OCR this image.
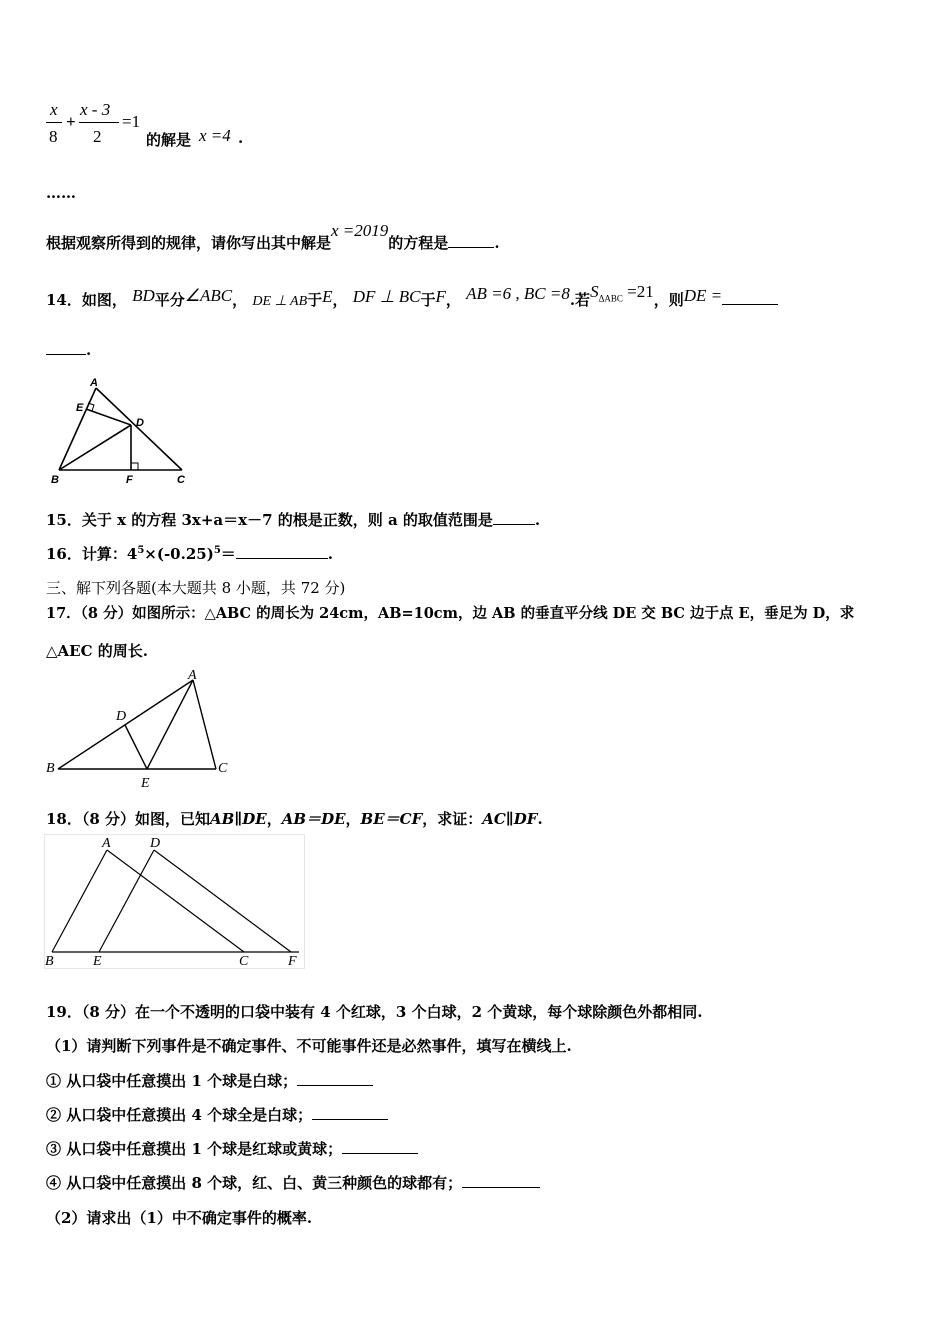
x
8
+
x - 3
2
=1
的解是 x =4 .
……
根据观察所得到的规律，请你写出其中解是x =2019的方程是	.
14．如图， BD平分∠ABC， DE ⊥ AB于E， DF ⊥ BC于F， AB =6 , BC =8.若$S_{\Delta ABC} =21$，则DE =
.
A
E
D
B	F	C
15．关于 x 的方程 3x+a＝x－7 的根是正数，则 a 的取值范围是	.
16．计算：$4^5\times(-0.25)^5=$	.
三、解下列各题(本大题共 8 小题，共 72 分)
17．（8 分）如图所示：△ABC 的周长为 24cm，AB=10cm，边 AB 的垂直平分线 DE 交 BC 边于点 E，垂足为 D，求
△AEC 的周长.
A
D
B
E
C
18．（8 分）如图，已知AB∥DE，AB＝DE，BE＝CF，求证：AC∥DF.
A	D
B	E	C	F
19．（8 分）在一个不透明的口袋中装有 4 个红球，3 个白球，2 个黄球，每个球除颜色外都相同.
（1）请判断下列事件是不确定事件、不可能事件还是必然事件，填写在横线上.
① 从口袋中任意摸出 1 个球是白球；
② 从口袋中任意摸出 4 个球全是白球；
③ 从口袋中任意摸出 1 个球是红球或黄球；
④ 从口袋中任意摸出 8 个球，红、白、黄三种颜色的球都有；
（2）请求出（1）中不确定事件的概率.
